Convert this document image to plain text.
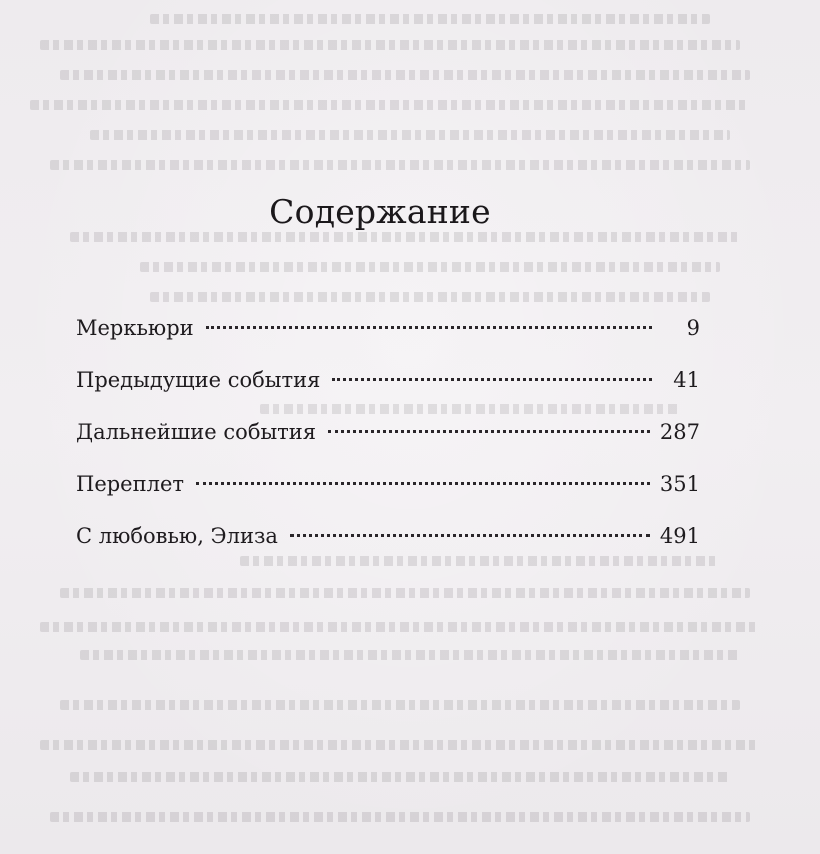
Содержание
Меркьюри	9
Предыдущие события	41
Дальнейшие события	287
Переплет	351
С любовью, Элиза	491
